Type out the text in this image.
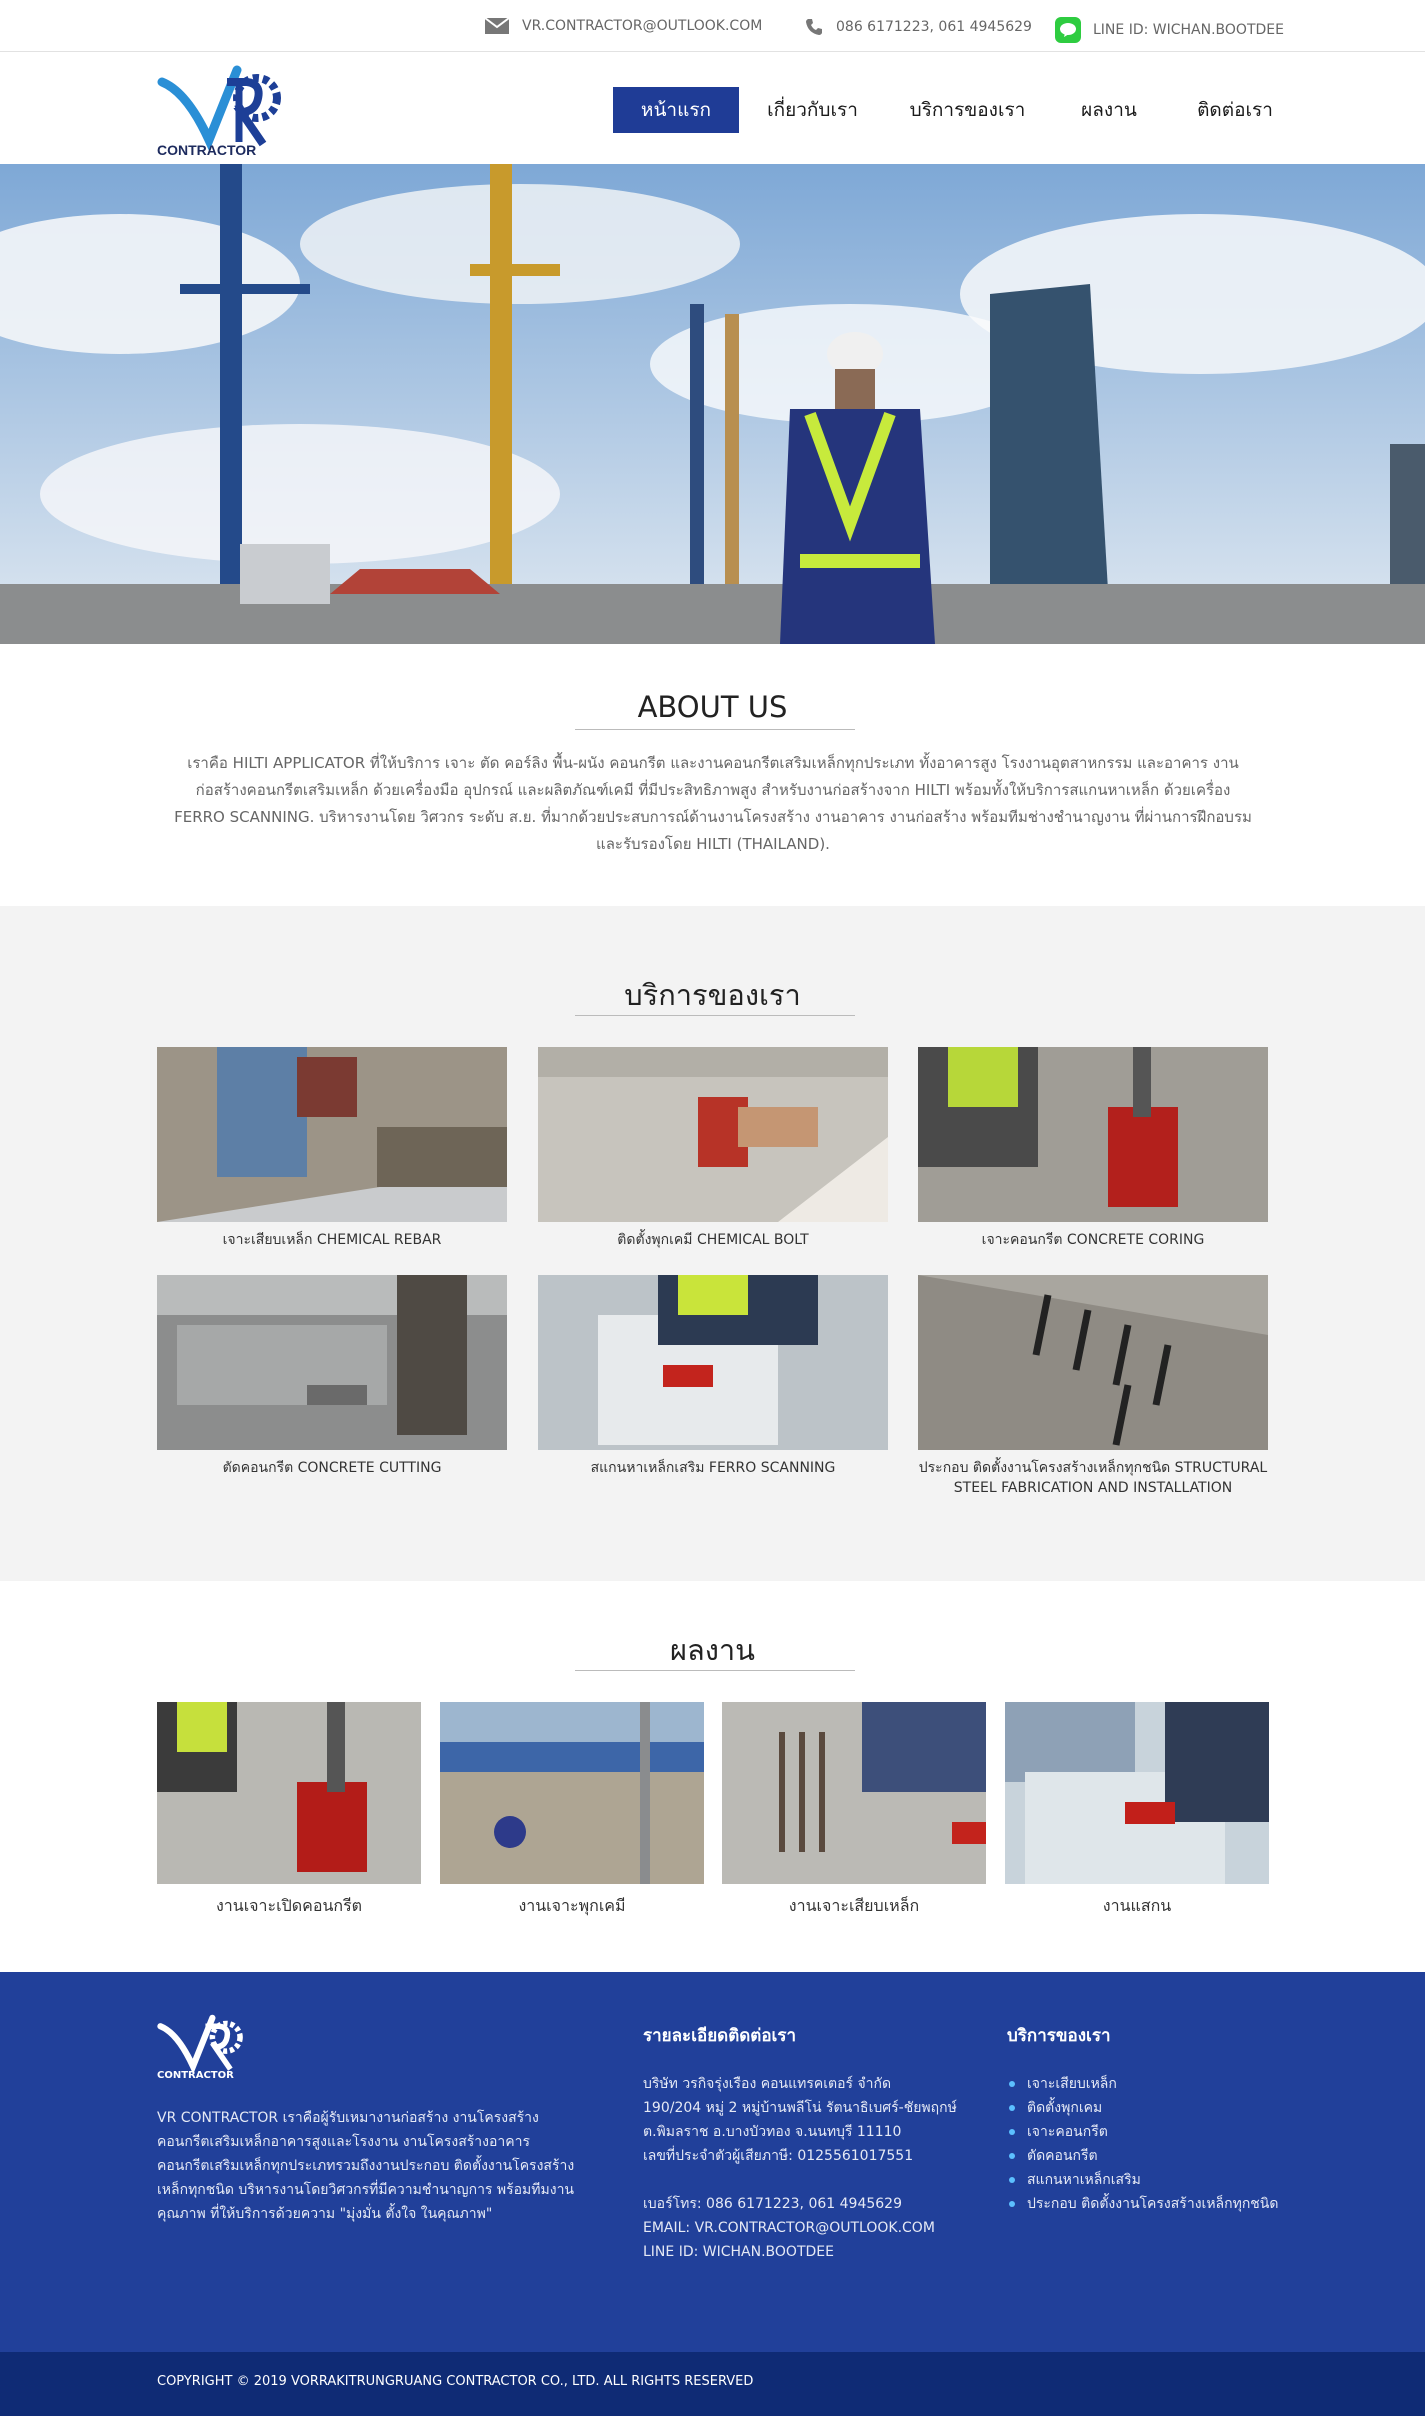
VR.CONTRACTOR@OUTLOOK.COM	086 6171223, 061 4945629	LINE ID: WICHAN.BOOTDEE
CONTRACTOR
หน้าแรก	เกี่ยวกับเรา	บริการของเรา	ผลงาน	ติดต่อเรา
ABOUT US
เราคือ HILTI APPLICATOR ที่ให้บริการ เจาะ ตัด คอร์ลิง พื้น-ผนัง คอนกรีต และงานคอนกรีตเสริมเหล็กทุกประเภท ทั้งอาคารสูง โรงงานอุตสาหกรรม และอาคาร งานก่อสร้างคอนกรีตเสริมเหล็ก ด้วยเครื่องมือ อุปกรณ์ และผลิตภัณฑ์เคมี ที่มีประสิทธิภาพสูง สำหรับงานก่อสร้างจาก HILTI พร้อมทั้งให้บริการสแกนหาเหล็ก ด้วยเครื่อง FERRO SCANNING. บริหารงานโดย วิศวกร ระดับ ส.ย. ที่มากด้วยประสบการณ์ด้านงานโครงสร้าง งานอาคาร งานก่อสร้าง พร้อมทีมช่างชำนาญงาน ที่ผ่านการฝึกอบรมและรับรองโดย HILTI (THAILAND).
บริการของเรา
เจาะเสียบเหล็ก CHEMICAL REBAR	ติดตั้งพุกเคมี CHEMICAL BOLT	เจาะคอนกรีต CONCRETE CORING
ตัดคอนกรีต CONCRETE CUTTING	สแกนหาเหล็กเสริม FERRO SCANNING	ประกอบ ติดตั้งงานโครงสร้างเหล็กทุกชนิด STRUCTURAL STEEL FABRICATION AND INSTALLATION
ผลงาน
งานเจาะเปิดคอนกรีต	งานเจาะพุกเคมี	งานเจาะเสียบเหล็ก	งานแสกน
CONTRACTOR
VR CONTRACTOR เราคือผู้รับเหมางานก่อสร้าง งานโครงสร้างคอนกรีตเสริมเหล็กอาคารสูงและโรงงาน งานโครงสร้างอาคารคอนกรีตเสริมเหล็กทุกประเภทรวมถึงงานประกอบ ติดตั้งงานโครงสร้างเหล็กทุกชนิด บริหารงานโดยวิศวกรที่มีความชำนาญการ พร้อมทีมงานคุณภาพ ที่ให้บริการด้วยความ "มุ่งมั่น ตั้งใจ ในคุณภาพ"
รายละเอียดติดต่อเรา
บริษัท วรกิจรุ่งเรือง คอนแทรคเตอร์ จำกัด
190/204 หมู่ 2 หมู่บ้านพลีโน่ รัตนาธิเบศร์-ชัยพฤกษ์
ต.พิมลราช อ.บางบัวทอง จ.นนทบุรี 11110
เลขที่ประจำตัวผู้เสียภาษี: 0125561017551
เบอร์โทร: 086 6171223, 061 4945629
EMAIL: VR.CONTRACTOR@OUTLOOK.COM
LINE ID: WICHAN.BOOTDEE
บริการของเรา
เจาะเสียบเหล็ก
ติดตั้งพุกเคม
เจาะคอนกรีต
ตัดคอนกรีต
สแกนหาเหล็กเสริม
ประกอบ ติดตั้งงานโครงสร้างเหล็กทุกชนิด
COPYRIGHT © 2019 VORRAKITRUNGRUANG CONTRACTOR CO., LTD. ALL RIGHTS RESERVED
